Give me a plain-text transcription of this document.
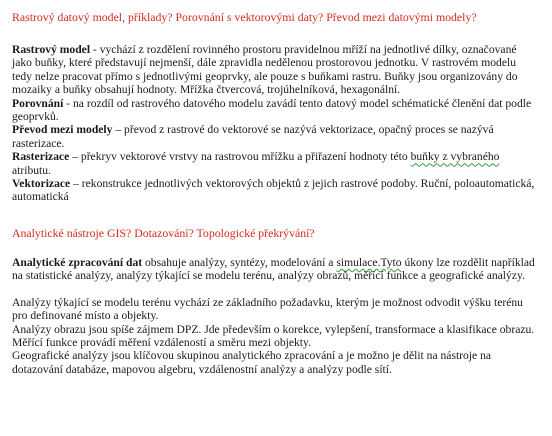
Rastrový datový model, příklady? Porovnání s vektorovými daty? Převod mezi datovými modely?

Rastrový model - vychází z rozdělení rovinného prostoru pravidelnou mříží na jednotlivé dílky, označované jako buňky, které představují nejmenší, dále zpravidla nedělenou prostorovou jednotku. V rastrovém modelu tedy nelze pracovat přímo s jednotlivými geoprvky, ale pouze s buňkami rastru. Buňky jsou organizovány do mozaiky a buňky obsahují hodnoty. Mřížka čtvercová, trojúhelníková, hexagonální.

Porovnání - na rozdíl od rastrového datového modelu zavádí tento datový model schématické členění dat podle geoprvků.

Převod mezi modely – převod z rastrové do vektorové se nazývá vektorizace, opačný proces se nazývá rasterizace.

Rasterizace – překryv vektorové vrstvy na rastrovou mřížku a přiřazení hodnoty této buňky z vybraného atributu.

Vektorizace – rekonstrukce jednotlivých vektorových objektů z jejich rastrové podoby. Ruční, poloautomatická, automatická

Analytické nástroje GIS? Dotazování? Topologické překrývání?

Analytické zpracování dat obsahuje analýzy, syntézy, modelování a simulace.Tyto úkony lze rozdělit například na statistické analýzy, analýzy týkající se modelu terénu, analýzy obrazů, měřící funkce a geografické analýzy.

Analýzy týkající se modelu terénu vychází ze základního požadavku, kterým je možnost odvodit výšku terénu pro definované místo a objekty.

Analýzy obrazu jsou spíše zájmem DPZ. Jde především o korekce, vylepšení, transformace a klasifikace obrazu.

Měřící funkce provádí měření vzdáleností a směru mezi objekty.

Geografické analýzy jsou klíčovou skupinou analytického zpracování a je možno je dělit na nástroje na dotazování databáze, mapovou algebru, vzdálenostní analýzy a analýzy podle sítí.
